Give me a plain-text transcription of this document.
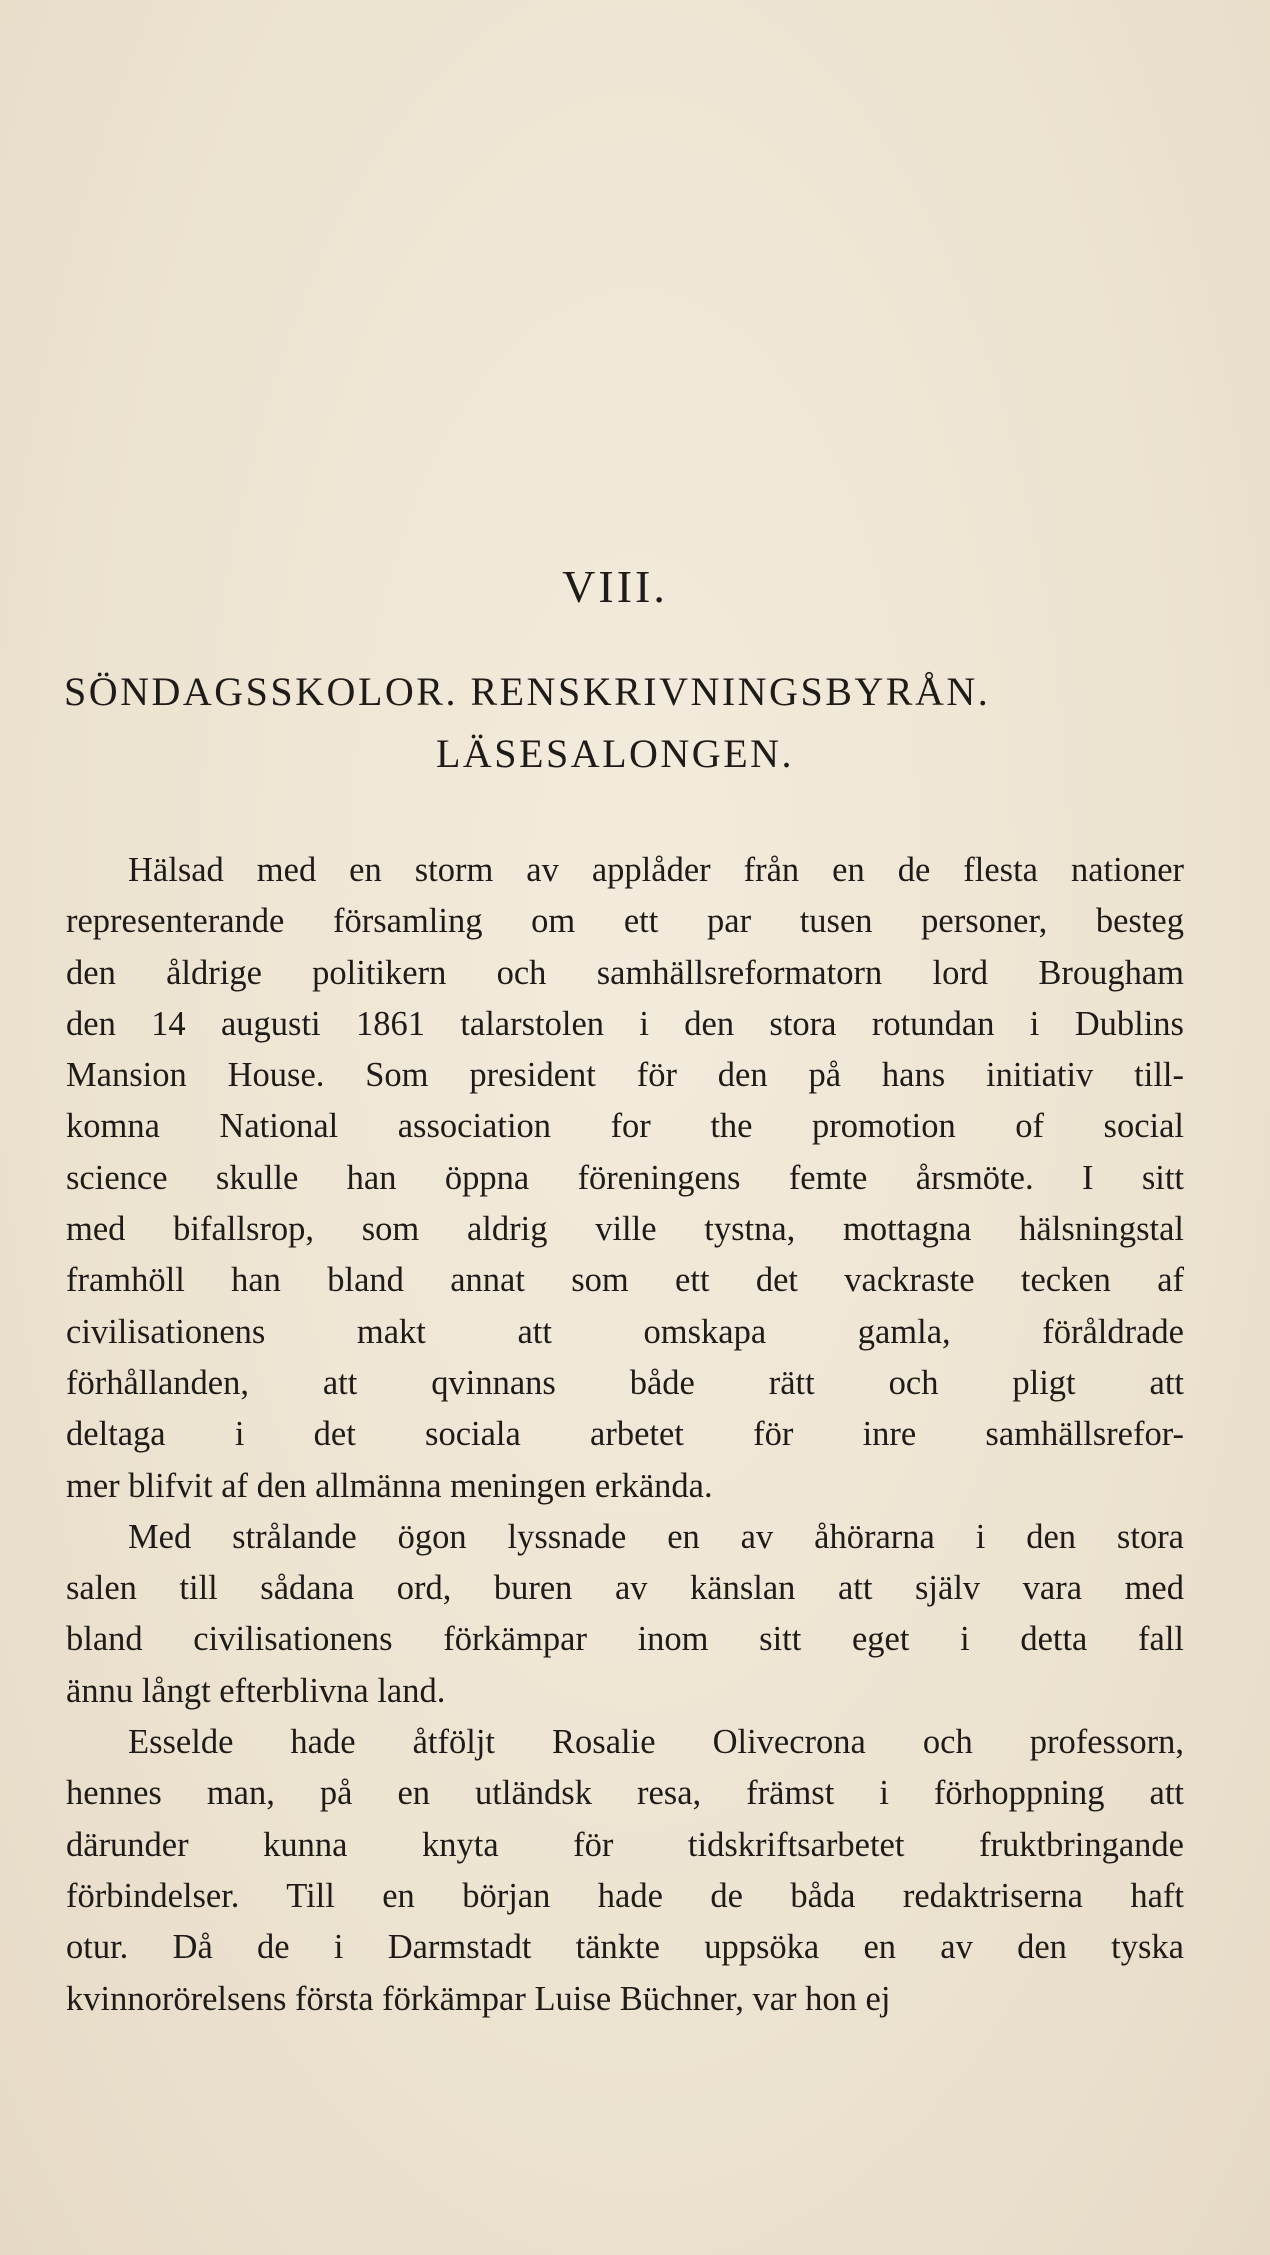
VIII.
SÖNDAGSSKOLOR. RENSKRIVNINGSBYRÅN.
LÄSESALONGEN.
Hälsad med en storm av applåder från en de flesta nationer
representerande församling om ett par tusen personer, besteg
den åldrige politikern och samhällsreformatorn lord Brougham
den 14 augusti 1861 talarstolen i den stora rotundan i Dublins
Mansion House. Som president för den på hans initiativ till-
komna National association for the promotion of social
science skulle han öppna föreningens femte årsmöte. I sitt
med bifallsrop, som aldrig ville tystna, mottagna hälsningstal
framhöll han bland annat som ett det vackraste tecken af
civilisationens makt att omskapa gamla, föråldrade
förhållanden, att qvinnans både rätt och pligt att
deltaga i det sociala arbetet för inre samhällsrefor-
mer blifvit af den allmänna meningen erkända.
Med strålande ögon lyssnade en av åhörarna i den stora
salen till sådana ord, buren av känslan att själv vara med
bland civilisationens förkämpar inom sitt eget i detta fall
ännu långt efterblivna land.
Esselde hade åtföljt Rosalie Olivecrona och professorn,
hennes man, på en utländsk resa, främst i förhoppning att
därunder kunna knyta för tidskriftsarbetet fruktbringande
förbindelser. Till en början hade de båda redaktriserna haft
otur. Då de i Darmstadt tänkte uppsöka en av den tyska
kvinnorörelsens första förkämpar Luise Büchner, var hon ej
